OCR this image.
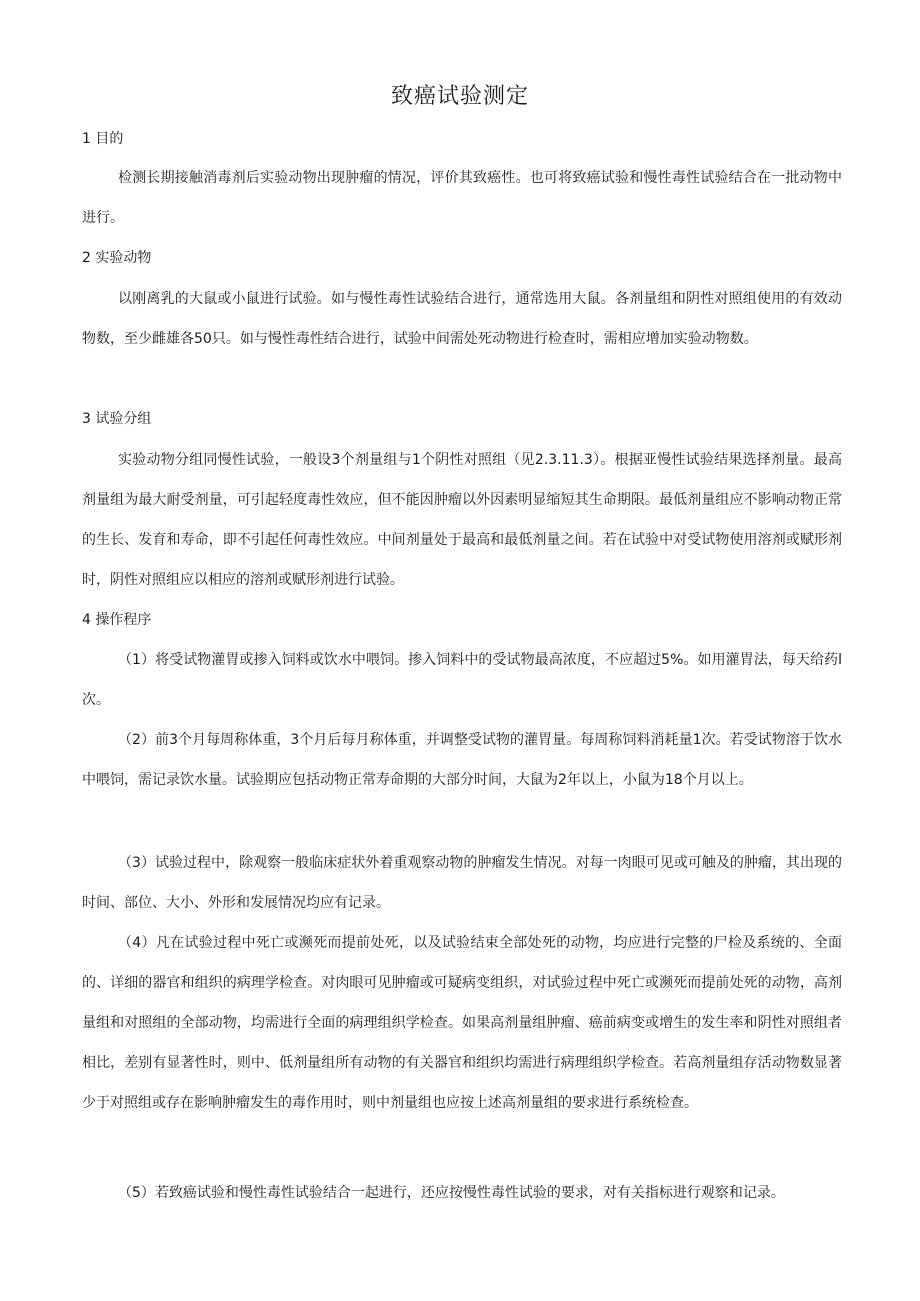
致癌试验测定
1 目的

检测长期接触消毒剂后实验动物出现肿瘤的情况，评价其致癌性。也可将致癌试验和慢性毒性试验结合在一批动物中进行。

2 实验动物

以刚离乳的大鼠或小鼠进行试验。如与慢性毒性试验结合进行，通常选用大鼠。各剂量组和阴性对照组使用的有效动物数，至少雌雄各50只。如与慢性毒性结合进行，试验中间需处死动物进行检查时，需相应增加实验动物数。

3 试验分组

实验动物分组同慢性试验，一般设3个剂量组与1个阴性对照组（见2.3.11.3）。根据亚慢性试验结果选择剂量。最高剂量组为最大耐受剂量，可引起轻度毒性效应，但不能因肿瘤以外因素明显缩短其生命期限。最低剂量组应不影响动物正常的生长、发育和寿命，即不引起任何毒性效应。中间剂量处于最高和最低剂量之间。若在试验中对受试物使用溶剂或赋形剂时，阴性对照组应以相应的溶剂或赋形剂进行试验。

4 操作程序

（1）将受试物灌胃或掺入饲料或饮水中喂饲。掺入饲料中的受试物最高浓度，不应超过5%。如用灌胃法，每天给药l次。

（2）前3个月每周称体重，3个月后每月称体重，并调整受试物的灌胃量。每周称饲料消耗量1次。若受试物溶于饮水中喂饲，需记录饮水量。试验期应包括动物正常寿命期的大部分时间，大鼠为2年以上，小鼠为18个月以上。

（3）试验过程中，除观察一般临床症状外着重观察动物的肿瘤发生情况。对每一肉眼可见或可触及的肿瘤，其出现的时间、部位、大小、外形和发展情况均应有记录。

（4）凡在试验过程中死亡或濒死而提前处死，以及试验结束全部处死的动物，均应进行完整的尸检及系统的、全面的、详细的器官和组织的病理学检查。对肉眼可见肿瘤或可疑病变组织，对试验过程中死亡或濒死而提前处死的动物，高剂量组和对照组的全部动物，均需进行全面的病理组织学检查。如果高剂量组肿瘤、癌前病变或增生的发生率和阴性对照组者相比，差别有显著性时，则中、低剂量组所有动物的有关器官和组织均需进行病理组织学检查。若高剂量组存活动物数显著少于对照组或存在影响肿瘤发生的毒作用时，则中剂量组也应按上述高剂量组的要求进行系统检查。

（5）若致癌试验和慢性毒性试验结合一起进行，还应按慢性毒性试验的要求，对有关指标进行观察和记录。
